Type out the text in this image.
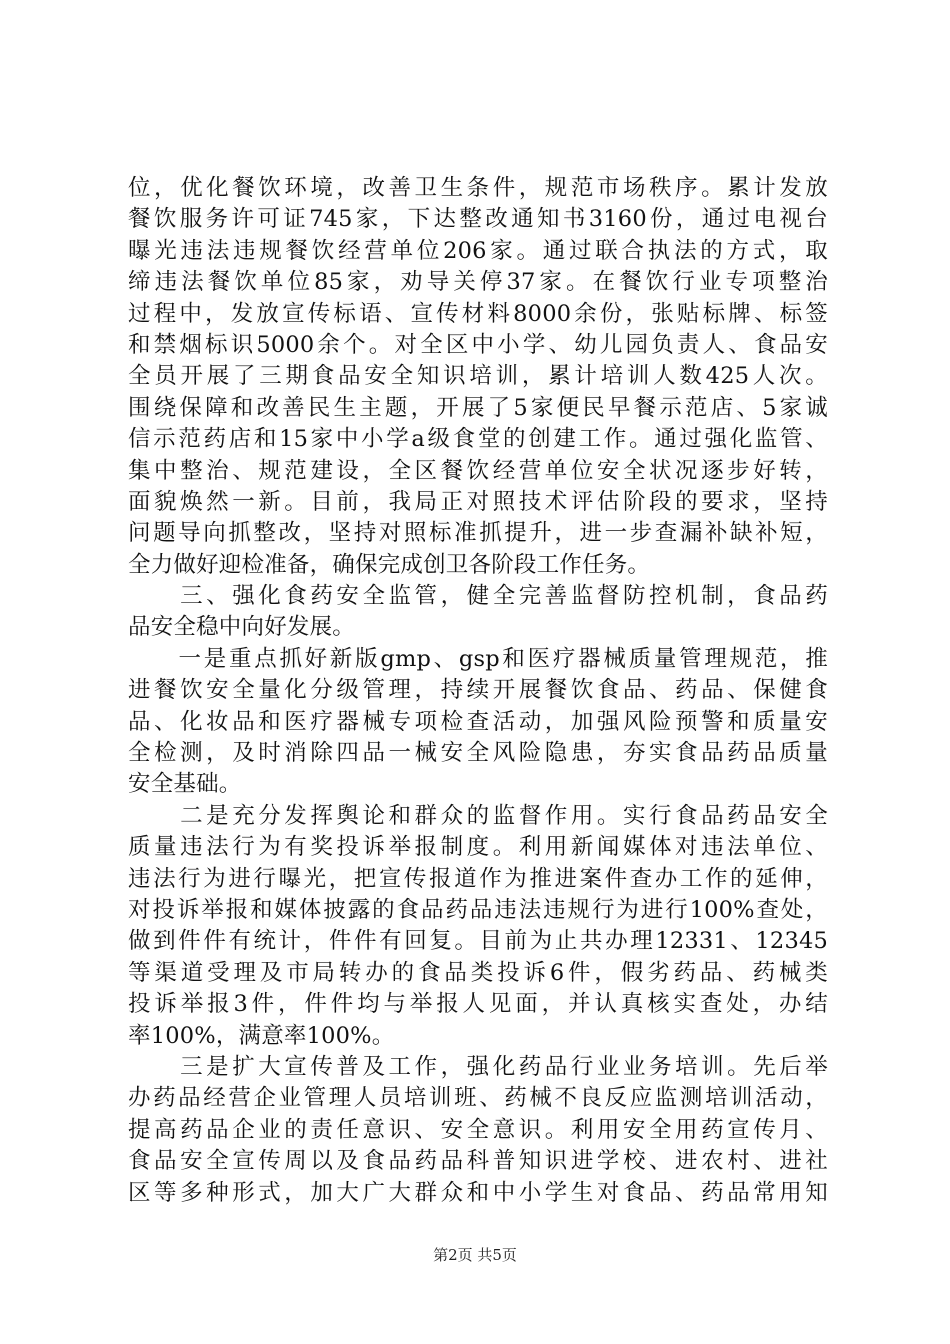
位，优化餐饮环境，改善卫生条件，规范市场秩序。累计发放
餐饮服务许可证745家，下达整改通知书3160份，通过电视台
曝光违法违规餐饮经营单位206家。通过联合执法的方式，取
缔违法餐饮单位85家，劝导关停37家。在餐饮行业专项整治
过程中，发放宣传标语、宣传材料8000余份，张贴标牌、标签
和禁烟标识5000余个。对全区中小学、幼儿园负责人、食品安
全员开展了三期食品安全知识培训，累计培训人数425人次。
围绕保障和改善民生主题，开展了5家便民早餐示范店、5家诚
信示范药店和15家中小学a级食堂的创建工作。通过强化监管、
集中整治、规范建设，全区餐饮经营单位安全状况逐步好转，
面貌焕然一新。目前，我局正对照技术评估阶段的要求，坚持
问题导向抓整改，坚持对照标准抓提升，进一步查漏补缺补短，
全力做好迎检准备，确保完成创卫各阶段工作任务。
　　三、强化食药安全监管，健全完善监督防控机制，食品药
品安全稳中向好发展。
　　一是重点抓好新版gmp、gsp和医疗器械质量管理规范，推
进餐饮安全量化分级管理，持续开展餐饮食品、药品、保健食
品、化妆品和医疗器械专项检查活动，加强风险预警和质量安
全检测，及时消除四品一械安全风险隐患，夯实食品药品质量
安全基础。
　　二是充分发挥舆论和群众的监督作用。实行食品药品安全
质量违法行为有奖投诉举报制度。利用新闻媒体对违法单位、
违法行为进行曝光，把宣传报道作为推进案件查办工作的延伸，
对投诉举报和媒体披露的食品药品违法违规行为进行100%查处，
做到件件有统计，件件有回复。目前为止共办理12331、12345
等渠道受理及市局转办的食品类投诉6件，假劣药品、药械类
投诉举报3件，件件均与举报人见面，并认真核实查处，办结
率100%，满意率100%。
　　三是扩大宣传普及工作，强化药品行业业务培训。先后举
办药品经营企业管理人员培训班、药械不良反应监测培训活动，
提高药品企业的责任意识、安全意识。利用安全用药宣传月、
食品安全宣传周以及食品药品科普知识进学校、进农村、进社
区等多种形式，加大广大群众和中小学生对食品、药品常用知
第2页 共5页
